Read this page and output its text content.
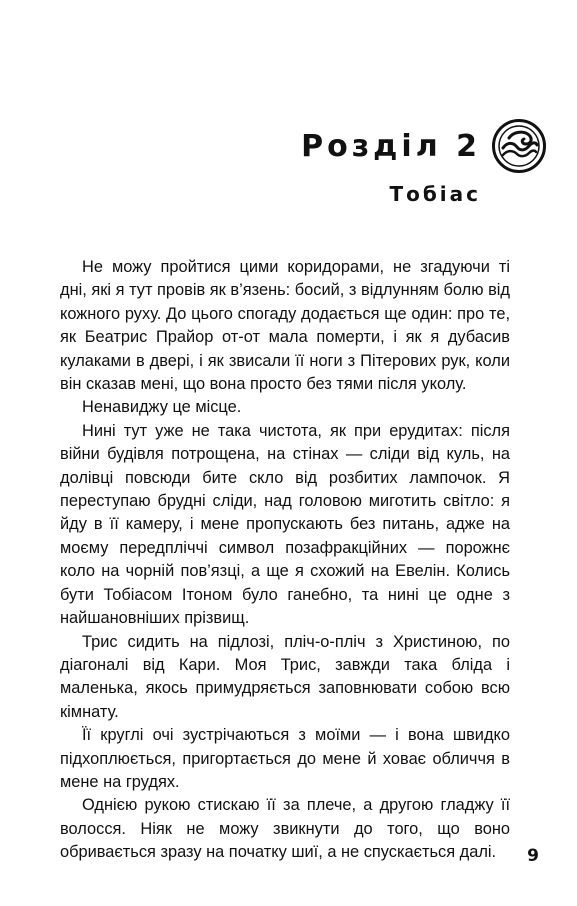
Розділ 2
Тобіас

Не можу пройтися цими коридорами, не згадуючи ті дні, які я тут провів як в’язень: босий, з відлунням болю від кожного руху. До цього спогаду додається ще один: про те, як Беатрис Прайор от-от мала померти, і як я дубасив кулаками в двері, і як звисали її ноги з Пітерових рук, коли він сказав мені, що вона просто без тями після уколу.

Ненавиджу це місце.

Нині тут уже не така чистота, як при ерудитах: після війни будівля потрощена, на стінах — сліди від куль, на долівці повсюди бите скло від розбитих лампочок. Я переступаю брудні сліди, над головою миготить світло: я йду в її камеру, і мене пропускають без питань, адже на моєму передпліччі символ позафракційних — порожнє коло на чорній пов’язці, а ще я схожий на Евелін. Колись бути Тобіасом Ітоном було ганебно, та нині це одне з найшановніших прізвищ.

Трис сидить на підлозі, пліч-о-пліч з Христиною, по діагоналі від Кари. Моя Трис, завжди така бліда і маленька, якось примудряється заповнювати собою всю кімнату.

Її круглі очі зустрічаються з моїми — і вона швидко підхоплюється, пригортається до мене й ховає обличчя в мене на грудях.

Однією рукою стискаю її за плече, а другою гладжу її волосся. Ніяк не можу звикнути до того, що воно обривається зразу на початку шиї, а не спускається далі.	9
